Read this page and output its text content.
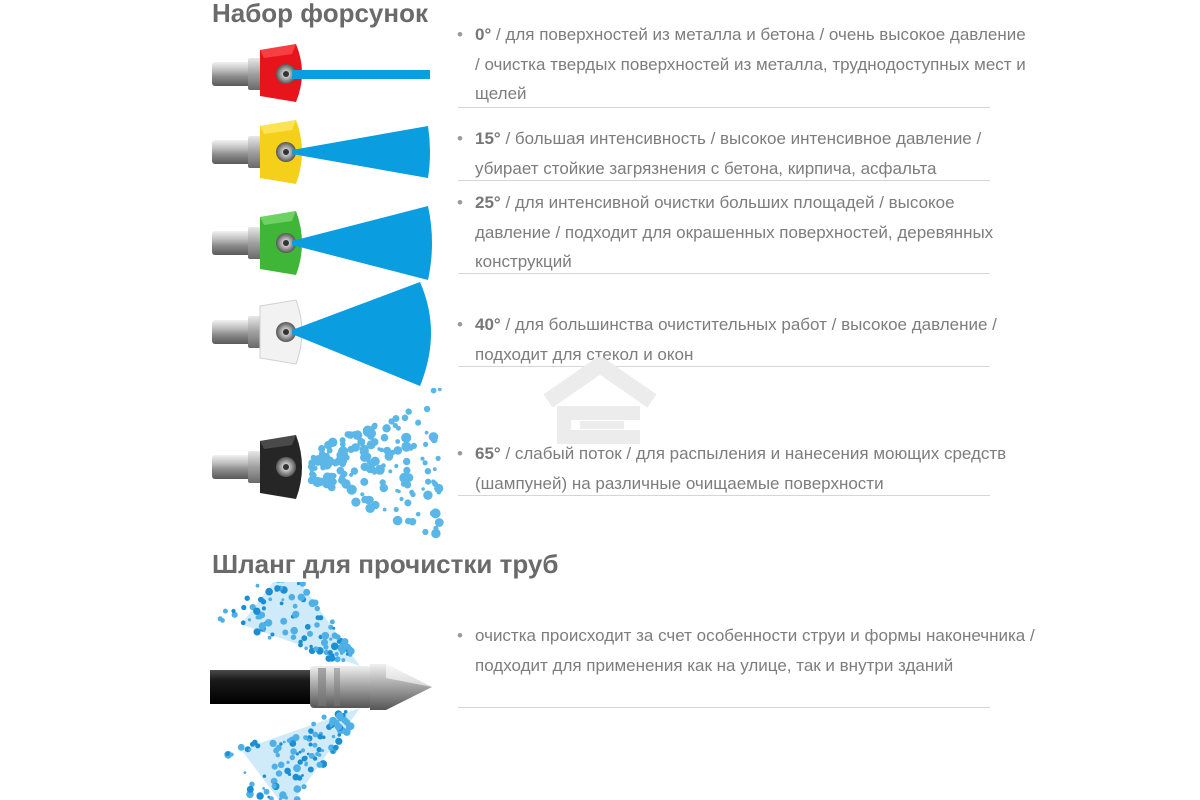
Набор форсунок
• 0° / для поверхностей из металла и бетона / очень высокое давление / очистка твердых поверхностей из металла, труднодоступных мест и щелей
• 15° / большая интенсивность / высокое интенсивное давление / убирает стойкие загрязнения с бетона, кирпича, асфальта
• 25° / для интенсивной очистки больших площадей / высокое давление / подходит для окрашенных поверхностей, деревянных конструкций
• 40° / для большинства очистительных работ / высокое давление / подходит для стекол и окон
• 65° / слабый поток / для распыления и нанесения моющих средств (шампуней) на различные очищаемые поверхности
Шланг для прочистки труб
• очистка происходит за счет особенности струи и формы наконечника / подходит для применения как на улице, так и внутри зданий
